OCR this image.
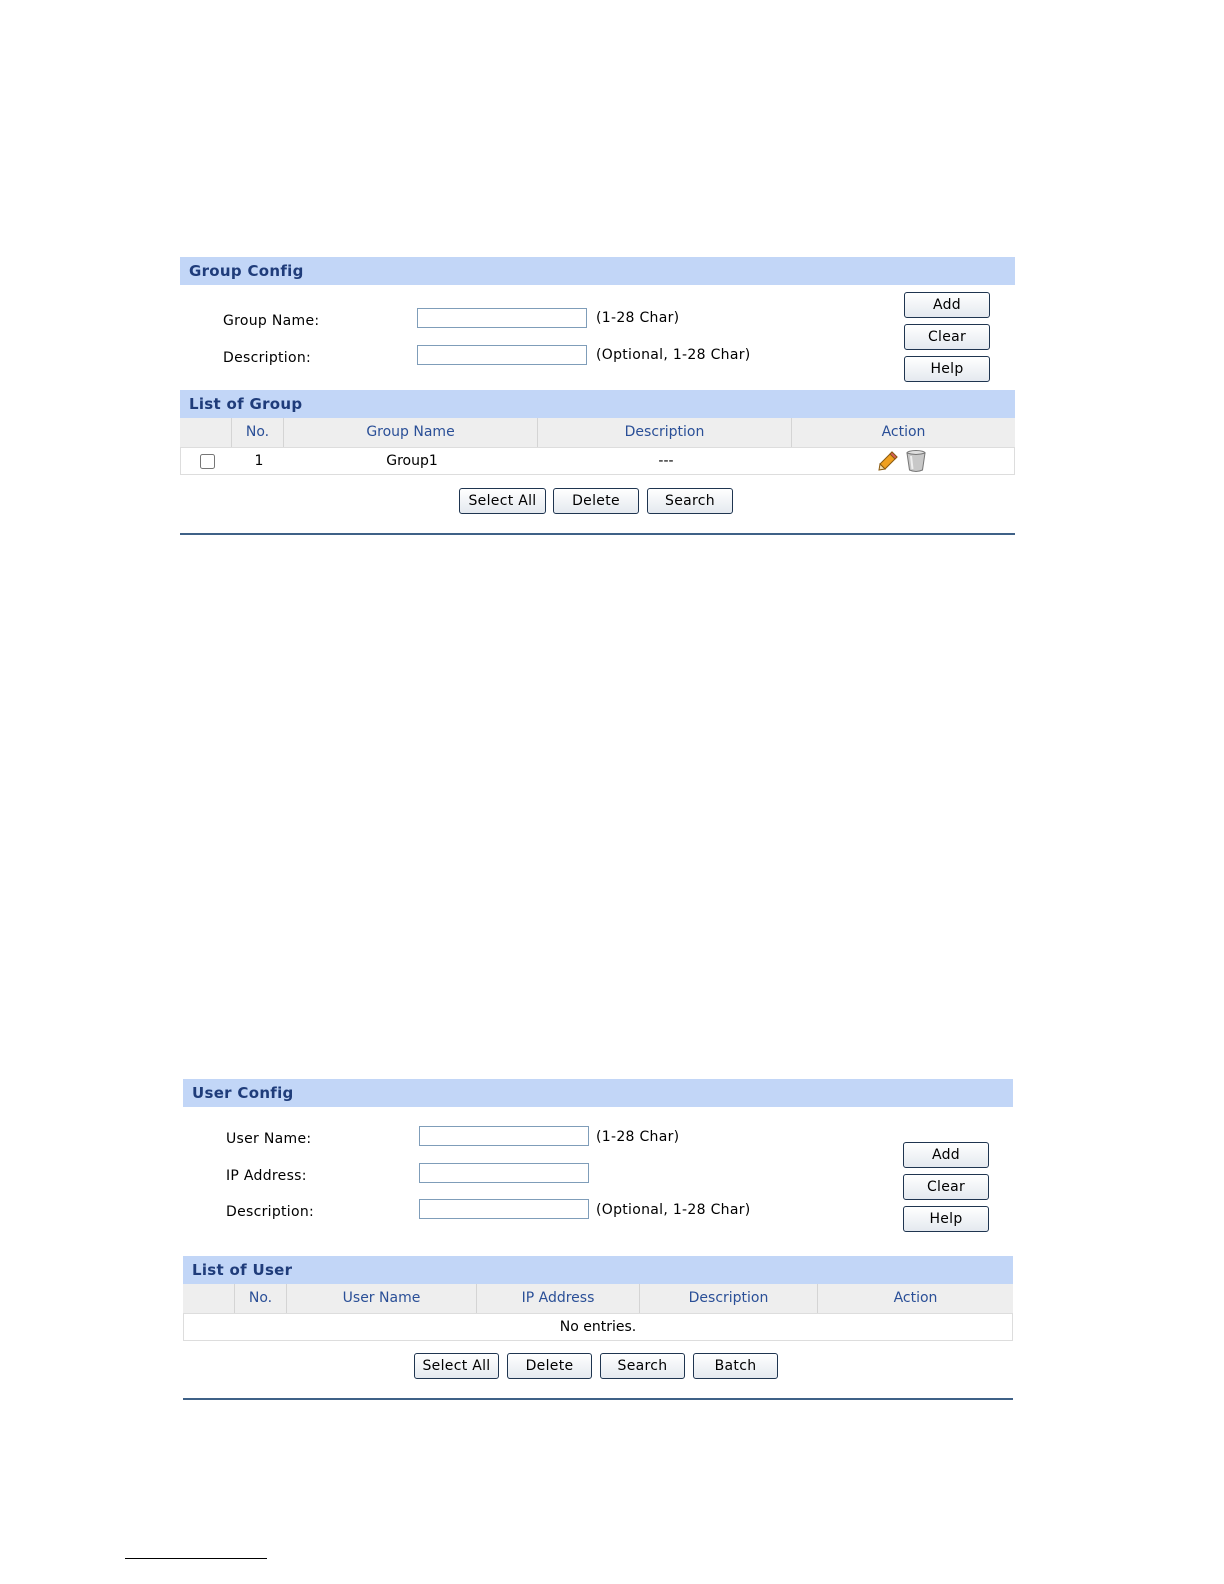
Group Config
Group Name:	(1-28 Char)
Description:	(Optional, 1-28 Char)
Add
Clear
Help
List of Group
No.	Group Name	Description	Action
1	Group1	---
Select All	Delete	Search
User Config
User Name:	(1-28 Char)
IP Address:
Description:	(Optional, 1-28 Char)
Add
Clear
Help
List of User
No.	User Name	IP Address	Description	Action
No entries.
Select All	Delete	Search	Batch
